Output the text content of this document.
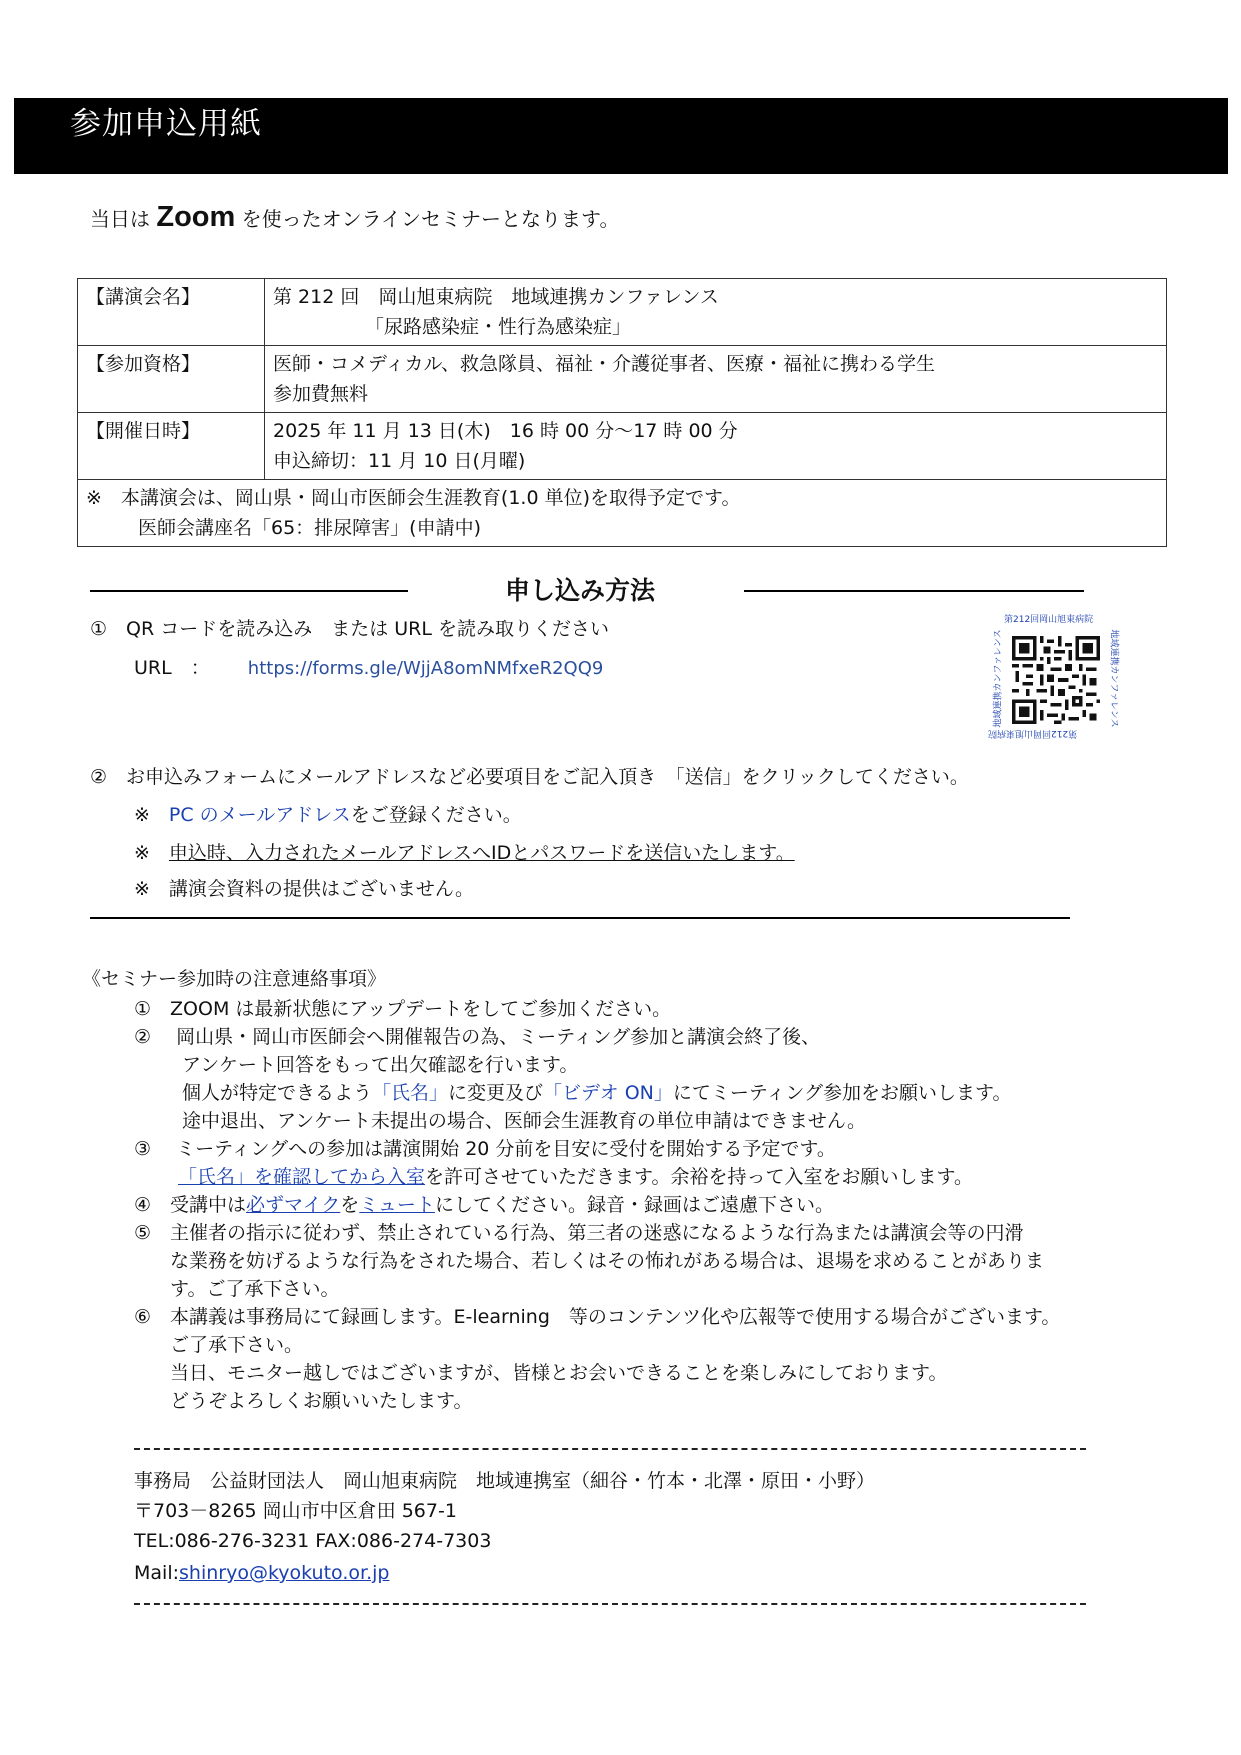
参加申込用紙
当日は Zoom を使ったオンラインセミナーとなります。
【講演会名】	第 212 回　岡山旭東病院　地域連携カンファレンス
「尿路感染症・性行為感染症」

【参加資格】	医師・コメディカル、救急隊員、福祉・介護従事者、医療・福祉に携わる学生
参加費無料

【開催日時】	2025 年 11 月 13 日(木)　16 時 00 分～17 時 00 分
申込締切：11 月 10 日(月曜)

※　本講演会は、岡山県・岡山市医師会生涯教育(1.0 単位)を取得予定です。
医師会講座名「65：排尿障害」(申請中)	
申し込み方法
①　QR コードを読み込み　または URL を読み取りください
URL　： https://forms.gle/WjjA8omNMfxeR2QQ9
第212回岡山旭東病院
第212回岡山旭東病院
地域連携カンファレンス	地域連携カンファレンス
②　お申込みフォームにメールアドレスなど必要項目をご記入頂き　「送信」をクリックしてください。
※　PC のメールアドレスをご登録ください。
※　申込時、入力されたメールアドレスへIDとパスワードを送信いたします。
※　講演会資料の提供はございません。
《セミナー参加時の注意連絡事項》
①　ZOOM は最新状態にアップデートをしてご参加ください。
②　 岡山県・岡山市医師会へ開催報告の為、ミーティング参加と講演会終了後、
アンケート回答をもって出欠確認を行います。
個人が特定できるよう「氏名」に変更及び「ビデオ ON」にてミーティング参加をお願いします。
途中退出、アンケート未提出の場合、医師会生涯教育の単位申請はできません。
③　 ミーティングへの参加は講演開始 20 分前を目安に受付を開始する予定です。
「氏名」を確認してから入室を許可させていただきます。余裕を持って入室をお願いします。
④　受講中は必ずマイクをミュートにしてください。録音・録画はご遠慮下さい。
⑤　主催者の指示に従わず、禁止されている行為、第三者の迷惑になるような行為または講演会等の円滑
な業務を妨げるような行為をされた場合、若しくはその怖れがある場合は、退場を求めることがありま
す。ご了承下さい。
⑥　本講義は事務局にて録画します。E-learning　等のコンテンツ化や広報等で使用する場合がございます。
ご了承下さい。
当日、モニター越しではございますが、皆様とお会いできることを楽しみにしております。
どうぞよろしくお願いいたします。
事務局　公益財団法人　岡山旭東病院　地域連携室（細谷・竹本・北澤・原田・小野）
〒703－8265 岡山市中区倉田 567-1
TEL:086-276-3231 FAX:086-274-7303
Mail:shinryo@kyokuto.or.jp
